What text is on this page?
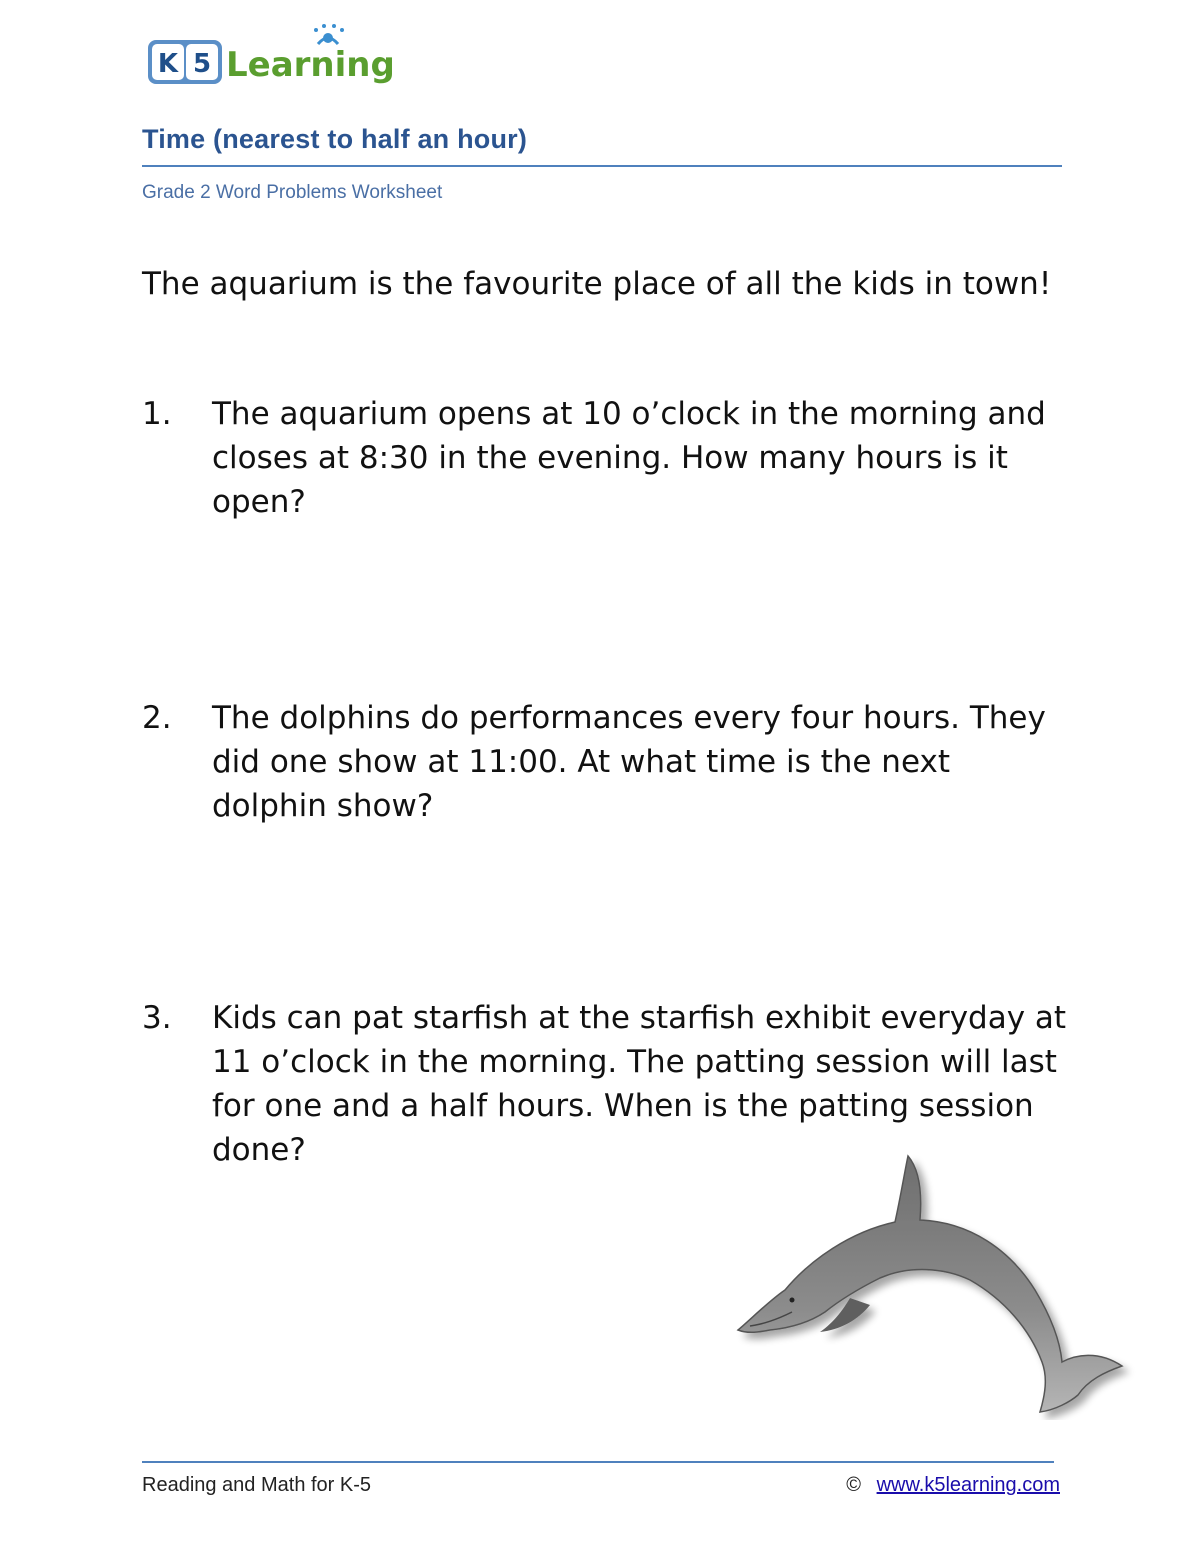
K 5 Learning
Time (nearest to half an hour)
Grade 2 Word Problems Worksheet
The aquarium is the favourite place of all the kids in town!
1.	The aquarium opens at 10 o’clock in the morning and closes at 8:30 in the evening. How many hours is it open?
2.	The dolphins do performances every four hours. They did one show at 11:00. At what time is the next dolphin show?
3.	Kids can pat starfish at the starfish exhibit everyday at 11 o’clock in the morning. The patting session will last for one and a half hours. When is the patting session done?
Reading and Math for K-5	© www.k5learning.com
